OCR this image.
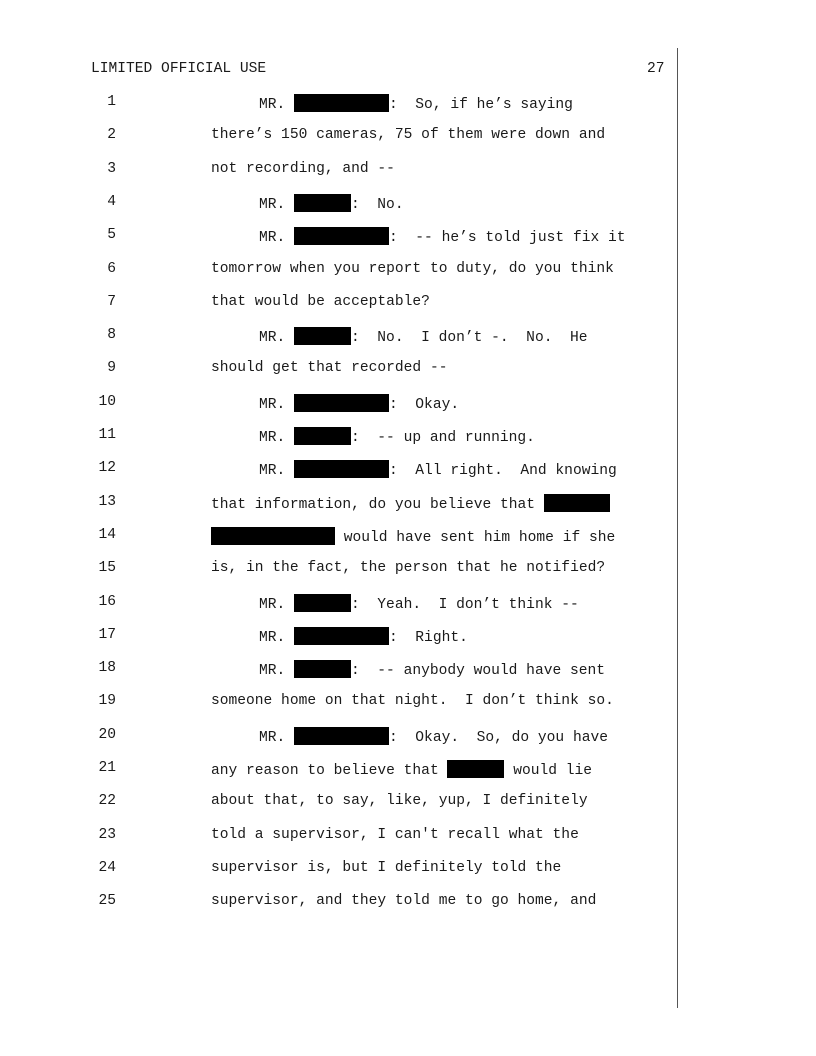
LIMITED OFFICIAL USE	27
1	MR.	:  So, if he’s saying
2	there’s 150 cameras, 75 of them were down and
3	not recording, and --
4	MR.	:  No.
5	MR.	:  -- he’s told just fix it
6	tomorrow when you report to duty, do you think
7	that would be acceptable?
8	MR.	:  No.  I don’t -.  No.  He
9	should get that recorded --
10	MR.	:  Okay.
11	MR.	:  -- up and running.
12	MR.	:  All right.  And knowing
13	that information, do you believe that
14	would have sent him home if she
15	is, in the fact, the person that he notified?
16	MR.	:  Yeah.  I don’t think --
17	MR.	:  Right.
18	MR.	:  -- anybody would have sent
19	someone home on that night.  I don’t think so.
20	MR.	:  Okay.  So, do you have
21	any reason to believe that	would lie
22	about that, to say, like, yup, I definitely
23	told a supervisor, I can't recall what the
24	supervisor is, but I definitely told the
25	supervisor, and they told me to go home, and
